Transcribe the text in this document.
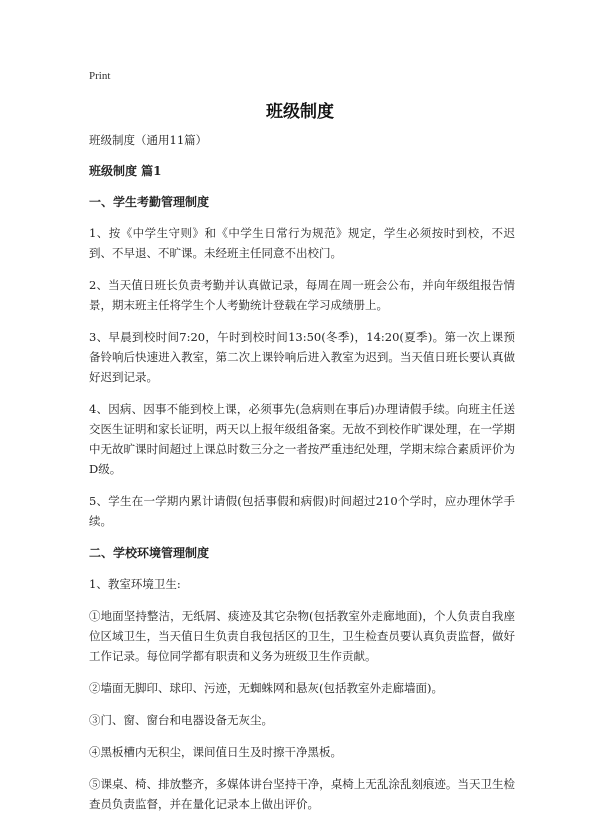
Print
班级制度

班级制度（通用11篇）

班级制度 篇1

一、学生考勤管理制度

1、按《中学生守则》和《中学生日常行为规范》规定，学生必须按时到校，不迟到、不早退、不旷课。未经班主任同意不出校门。

2、当天值日班长负责考勤并认真做记录，每周在周一班会公布，并向年级组报告情景，期末班主任将学生个人考勤统计登载在学习成绩册上。

3、早晨到校时间7:20，午时到校时间13:50(冬季)，14:20(夏季)。第一次上课预备铃响后快速进入教室，第二次上课铃响后进入教室为迟到。当天值日班长要认真做好迟到记录。

4、因病、因事不能到校上课，必须事先(急病则在事后)办理请假手续。向班主任送交医生证明和家长证明，两天以上报年级组备案。无故不到校作旷课处理，在一学期中无故旷课时间超过上课总时数三分之一者按严重违纪处理，学期末综合素质评价为D级。

5、学生在一学期内累计请假(包括事假和病假)时间超过210个学时，应办理休学手续。

二、学校环境管理制度

1、教室环境卫生:

①地面坚持整洁，无纸屑、痰迹及其它杂物(包括教室外走廊地面)，个人负责自我座位区域卫生，当天值日生负责自我包括区的卫生，卫生检查员要认真负责监督，做好工作记录。每位同学都有职责和义务为班级卫生作贡献。

②墙面无脚印、球印、污迹，无蜘蛛网和悬灰(包括教室外走廊墙面)。

③门、窗、窗台和电器设备无灰尘。

④黑板槽内无积尘，课间值日生及时擦干净黑板。

⑤课桌、椅、排放整齐，多媒体讲台坚持干净，桌椅上无乱涂乱刻痕迹。当天卫生检查员负责监督，并在量化记录本上做出评价。
